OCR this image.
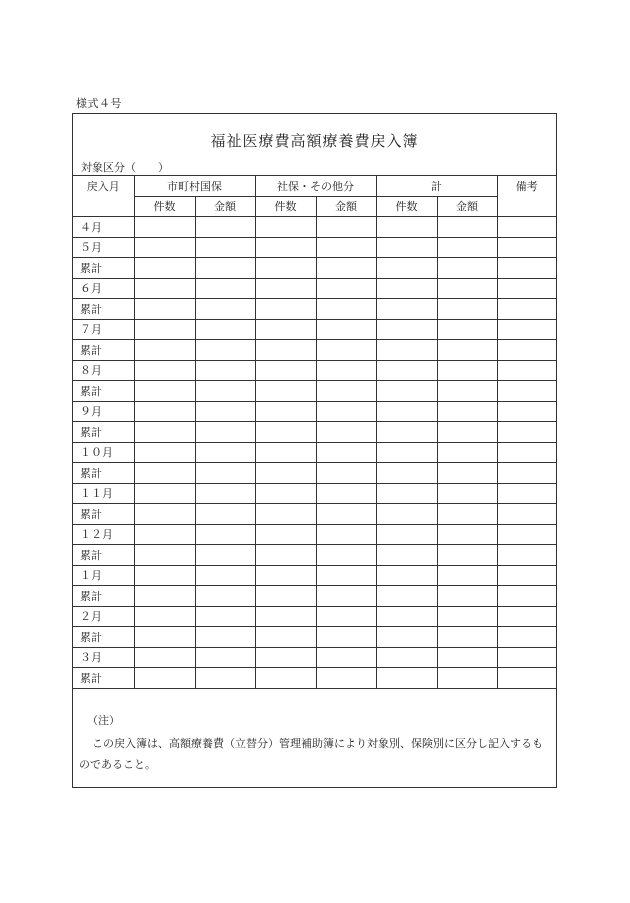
様式４号
福祉医療費高額療養費戻入簿
対象区分（　　）
戻入月	市町村国保		社保・その他分		計		備考
	件数	金額	件数	金額	件数	金額	
４月							
５月							
累計							
６月							
累計							
７月							
累計							
８月							
累計							
９月							
累計							
１０月							
累計							
１１月							
累計							
１２月							
累計							
１月							
累計							
２月							
累計							
３月							
累計							
（注）
この戻入簿は、高額療養費（立替分）管理補助簿により対象別、保険別に区分し記入するものであること。
